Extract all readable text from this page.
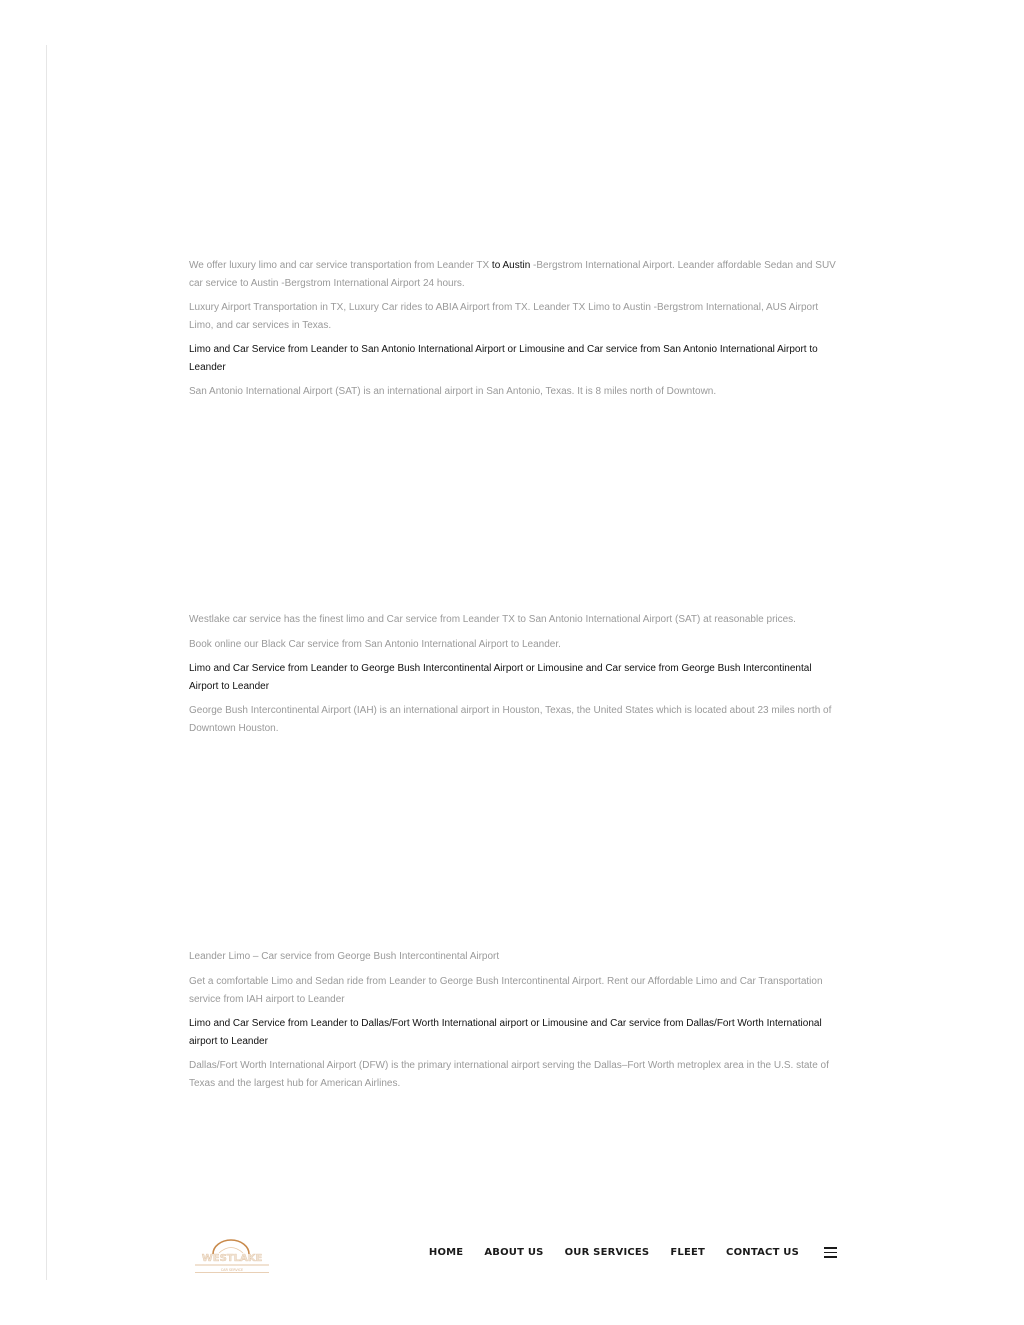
We offer luxury limo and car service transportation from Leander TX to Austin -Bergstrom International Airport. Leander affordable Sedan and SUV car service to Austin -Bergstrom International Airport 24 hours.

Luxury Airport Transportation in TX, Luxury Car rides to ABIA Airport from TX. Leander TX Limo to Austin -Bergstrom International, AUS Airport Limo, and car services in Texas.

Limo and Car Service from Leander to San Antonio International Airport or Limousine and Car service from San Antonio International Airport to Leander

San Antonio International Airport (SAT) is an international airport in San Antonio, Texas. It is 8 miles north of Downtown.

Westlake car service has the finest limo and Car service from Leander TX to San Antonio International Airport (SAT) at reasonable prices.

Book online our Black Car service from San Antonio International Airport to Leander.

Limo and Car Service from Leander to George Bush Intercontinental Airport or Limousine and Car service from George Bush Intercontinental Airport to Leander

George Bush Intercontinental Airport (IAH) is an international airport in Houston, Texas, the United States which is located about 23 miles north of Downtown Houston.

Leander Limo – Car service from George Bush Intercontinental Airport

Get a comfortable Limo and Sedan ride from Leander to George Bush Intercontinental Airport. Rent our Affordable Limo and Car Transportation service from IAH airport to Leander

Limo and Car Service from Leander to Dallas/Fort Worth International airport or Limousine and Car service from Dallas/Fort Worth International airport to Leander

Dallas/Fort Worth International Airport (DFW) is the primary international airport serving the Dallas–Fort Worth metroplex area in the U.S. state of Texas and the largest hub for American Airlines.

WESTLAKE
CAR SERVICE
HOME ABOUT US OUR SERVICES FLEET CONTACT US
